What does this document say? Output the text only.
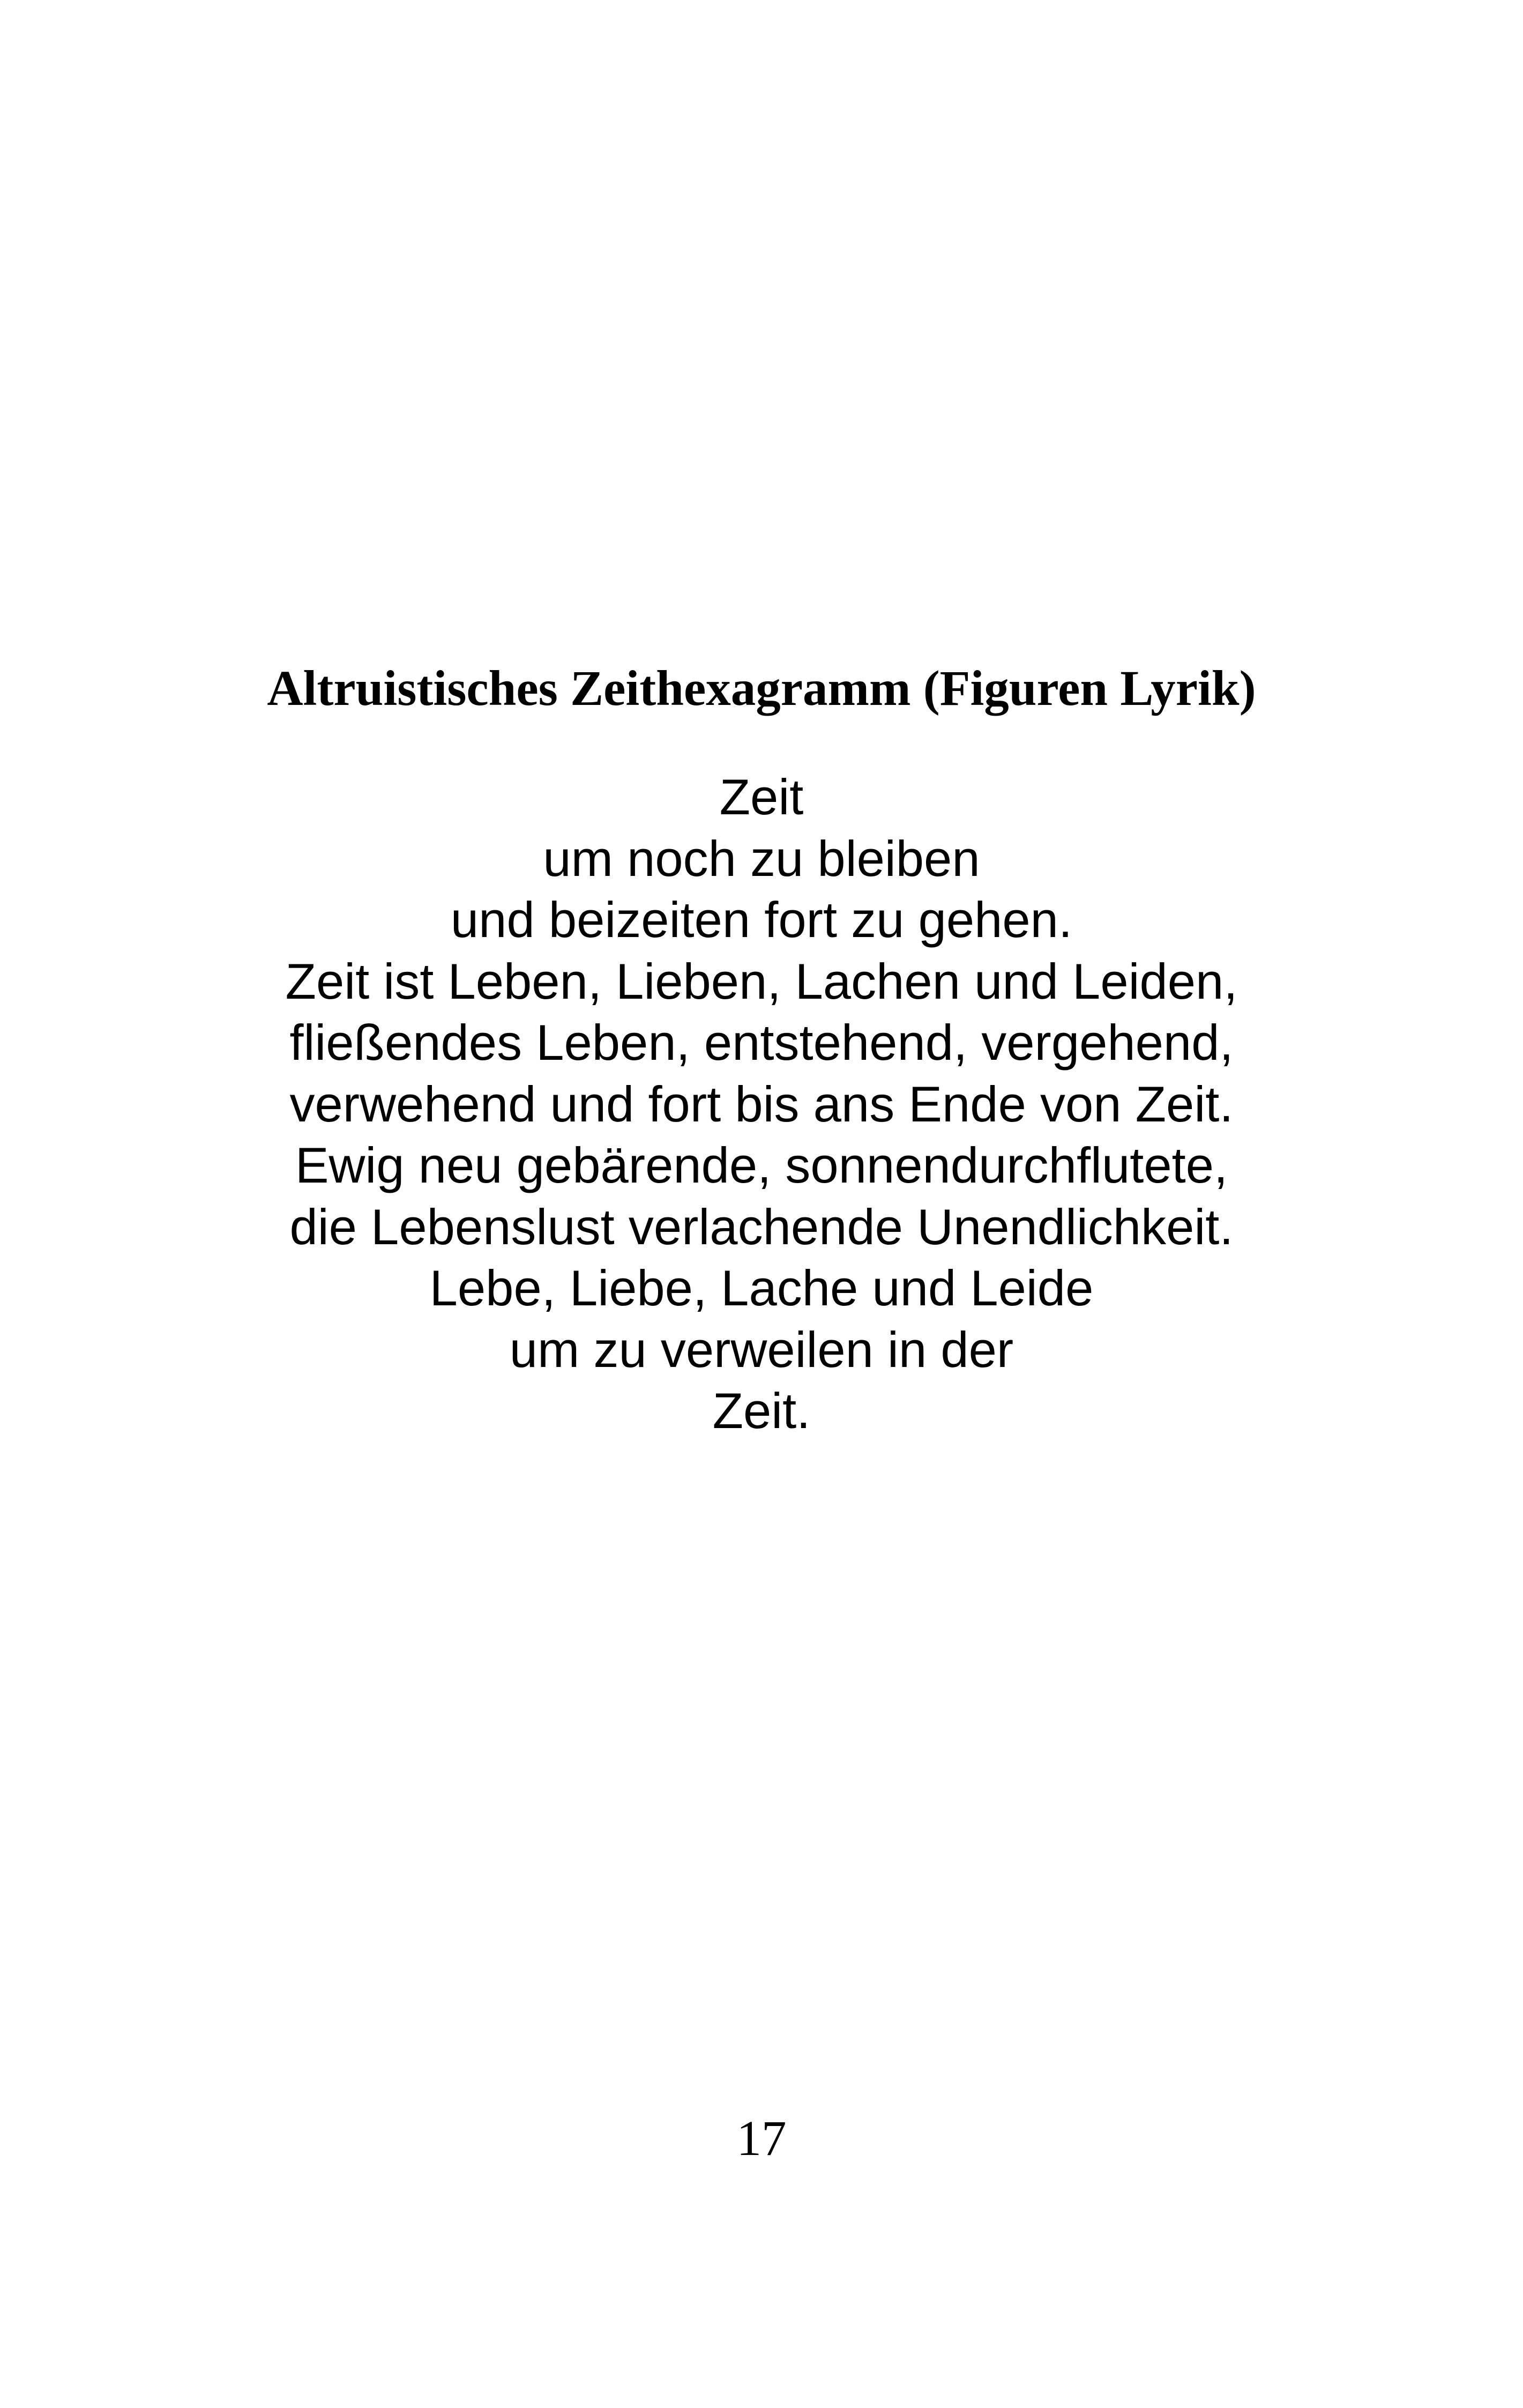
Altruistisches Zeithexagramm (Figuren Lyrik)
Zeit
um noch zu bleiben
und beizeiten fort zu gehen.
Zeit ist Leben, Lieben, Lachen und Leiden,
fließendes Leben, entstehend, vergehend,
verwehend und fort bis ans Ende von Zeit.
Ewig neu gebärende, sonnendurchflutete,
die Lebenslust verlachende Unendlichkeit.
Lebe, Liebe, Lache und Leide
um zu verweilen in der
Zeit.
17
